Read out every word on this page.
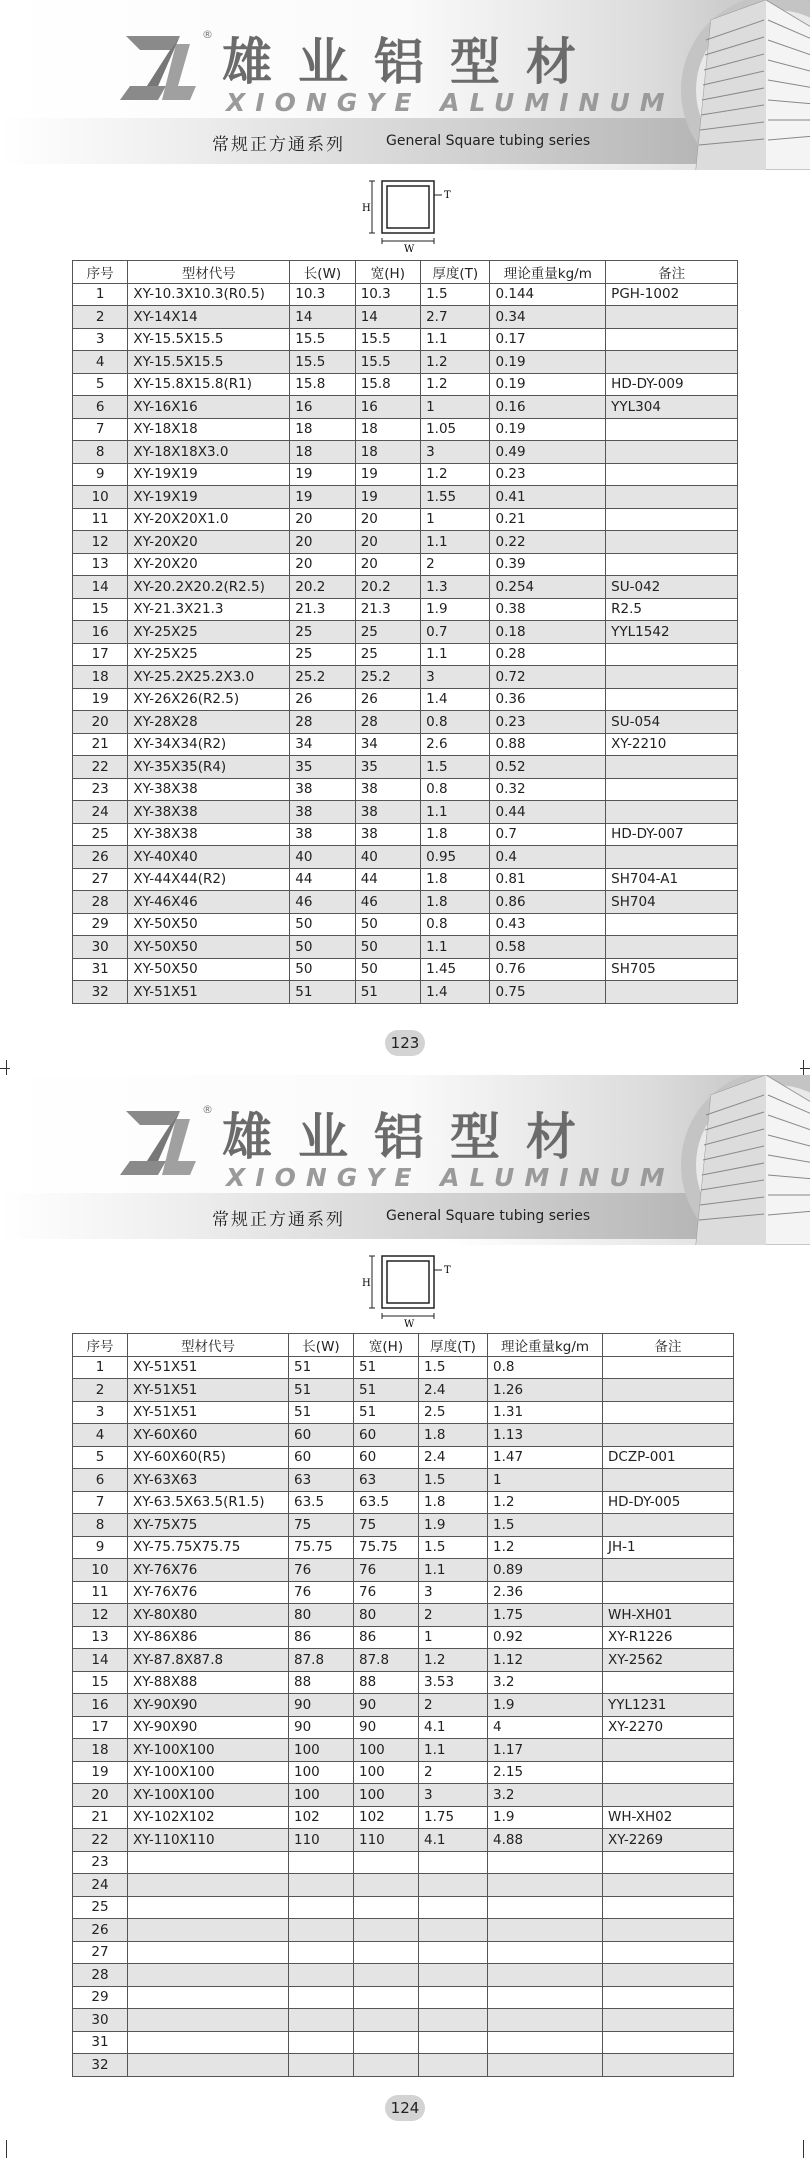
® 雄业铝型材
XIONGYE ALUMINUM
常规正方通系列	General Square tubing series
H
W
T
序号	型材代号	长(W)	宽(H)	厚度(T)	理论重量kg/m	备注
1	XY-10.3X10.3(R0.5)	10.3	10.3	1.5	0.144	PGH-1002
2	XY-14X14	14	14	2.7	0.34	
3	XY-15.5X15.5	15.5	15.5	1.1	0.17	
4	XY-15.5X15.5	15.5	15.5	1.2	0.19	
5	XY-15.8X15.8(R1)	15.8	15.8	1.2	0.19	HD-DY-009
6	XY-16X16	16	16	1	0.16	YYL304
7	XY-18X18	18	18	1.05	0.19	
8	XY-18X18X3.0	18	18	3	0.49	
9	XY-19X19	19	19	1.2	0.23	
10	XY-19X19	19	19	1.55	0.41	
11	XY-20X20X1.0	20	20	1	0.21	
12	XY-20X20	20	20	1.1	0.22	
13	XY-20X20	20	20	2	0.39	
14	XY-20.2X20.2(R2.5)	20.2	20.2	1.3	0.254	SU-042
15	XY-21.3X21.3	21.3	21.3	1.9	0.38	R2.5
16	XY-25X25	25	25	0.7	0.18	YYL1542
17	XY-25X25	25	25	1.1	0.28	
18	XY-25.2X25.2X3.0	25.2	25.2	3	0.72	
19	XY-26X26(R2.5)	26	26	1.4	0.36	
20	XY-28X28	28	28	0.8	0.23	SU-054
21	XY-34X34(R2)	34	34	2.6	0.88	XY-2210
22	XY-35X35(R4)	35	35	1.5	0.52	
23	XY-38X38	38	38	0.8	0.32	
24	XY-38X38	38	38	1.1	0.44	
25	XY-38X38	38	38	1.8	0.7	HD-DY-007
26	XY-40X40	40	40	0.95	0.4	
27	XY-44X44(R2)	44	44	1.8	0.81	SH704-A1
28	XY-46X46	46	46	1.8	0.86	SH704
29	XY-50X50	50	50	0.8	0.43	
30	XY-50X50	50	50	1.1	0.58	
31	XY-50X50	50	50	1.45	0.76	SH705
32	XY-51X51	51	51	1.4	0.75	
123
® 雄业铝型材
XIONGYE ALUMINUM
常规正方通系列	General Square tubing series
H
W
T
序号	型材代号	长(W)	宽(H)	厚度(T)	理论重量kg/m	备注
1	XY-51X51	51	51	1.5	0.8	
2	XY-51X51	51	51	2.4	1.26	
3	XY-51X51	51	51	2.5	1.31	
4	XY-60X60	60	60	1.8	1.13	
5	XY-60X60(R5)	60	60	2.4	1.47	DCZP-001
6	XY-63X63	63	63	1.5	1	
7	XY-63.5X63.5(R1.5)	63.5	63.5	1.8	1.2	HD-DY-005
8	XY-75X75	75	75	1.9	1.5	
9	XY-75.75X75.75	75.75	75.75	1.5	1.2	JH-1
10	XY-76X76	76	76	1.1	0.89	
11	XY-76X76	76	76	3	2.36	
12	XY-80X80	80	80	2	1.75	WH-XH01
13	XY-86X86	86	86	1	0.92	XY-R1226
14	XY-87.8X87.8	87.8	87.8	1.2	1.12	XY-2562
15	XY-88X88	88	88	3.53	3.2	
16	XY-90X90	90	90	2	1.9	YYL1231
17	XY-90X90	90	90	4.1	4	XY-2270
18	XY-100X100	100	100	1.1	1.17	
19	XY-100X100	100	100	2	2.15	
20	XY-100X100	100	100	3	3.2	
21	XY-102X102	102	102	1.75	1.9	WH-XH02
22	XY-110X110	110	110	4.1	4.88	XY-2269
23						
24						
25						
26						
27						
28						
29						
30						
31						
32						
124
